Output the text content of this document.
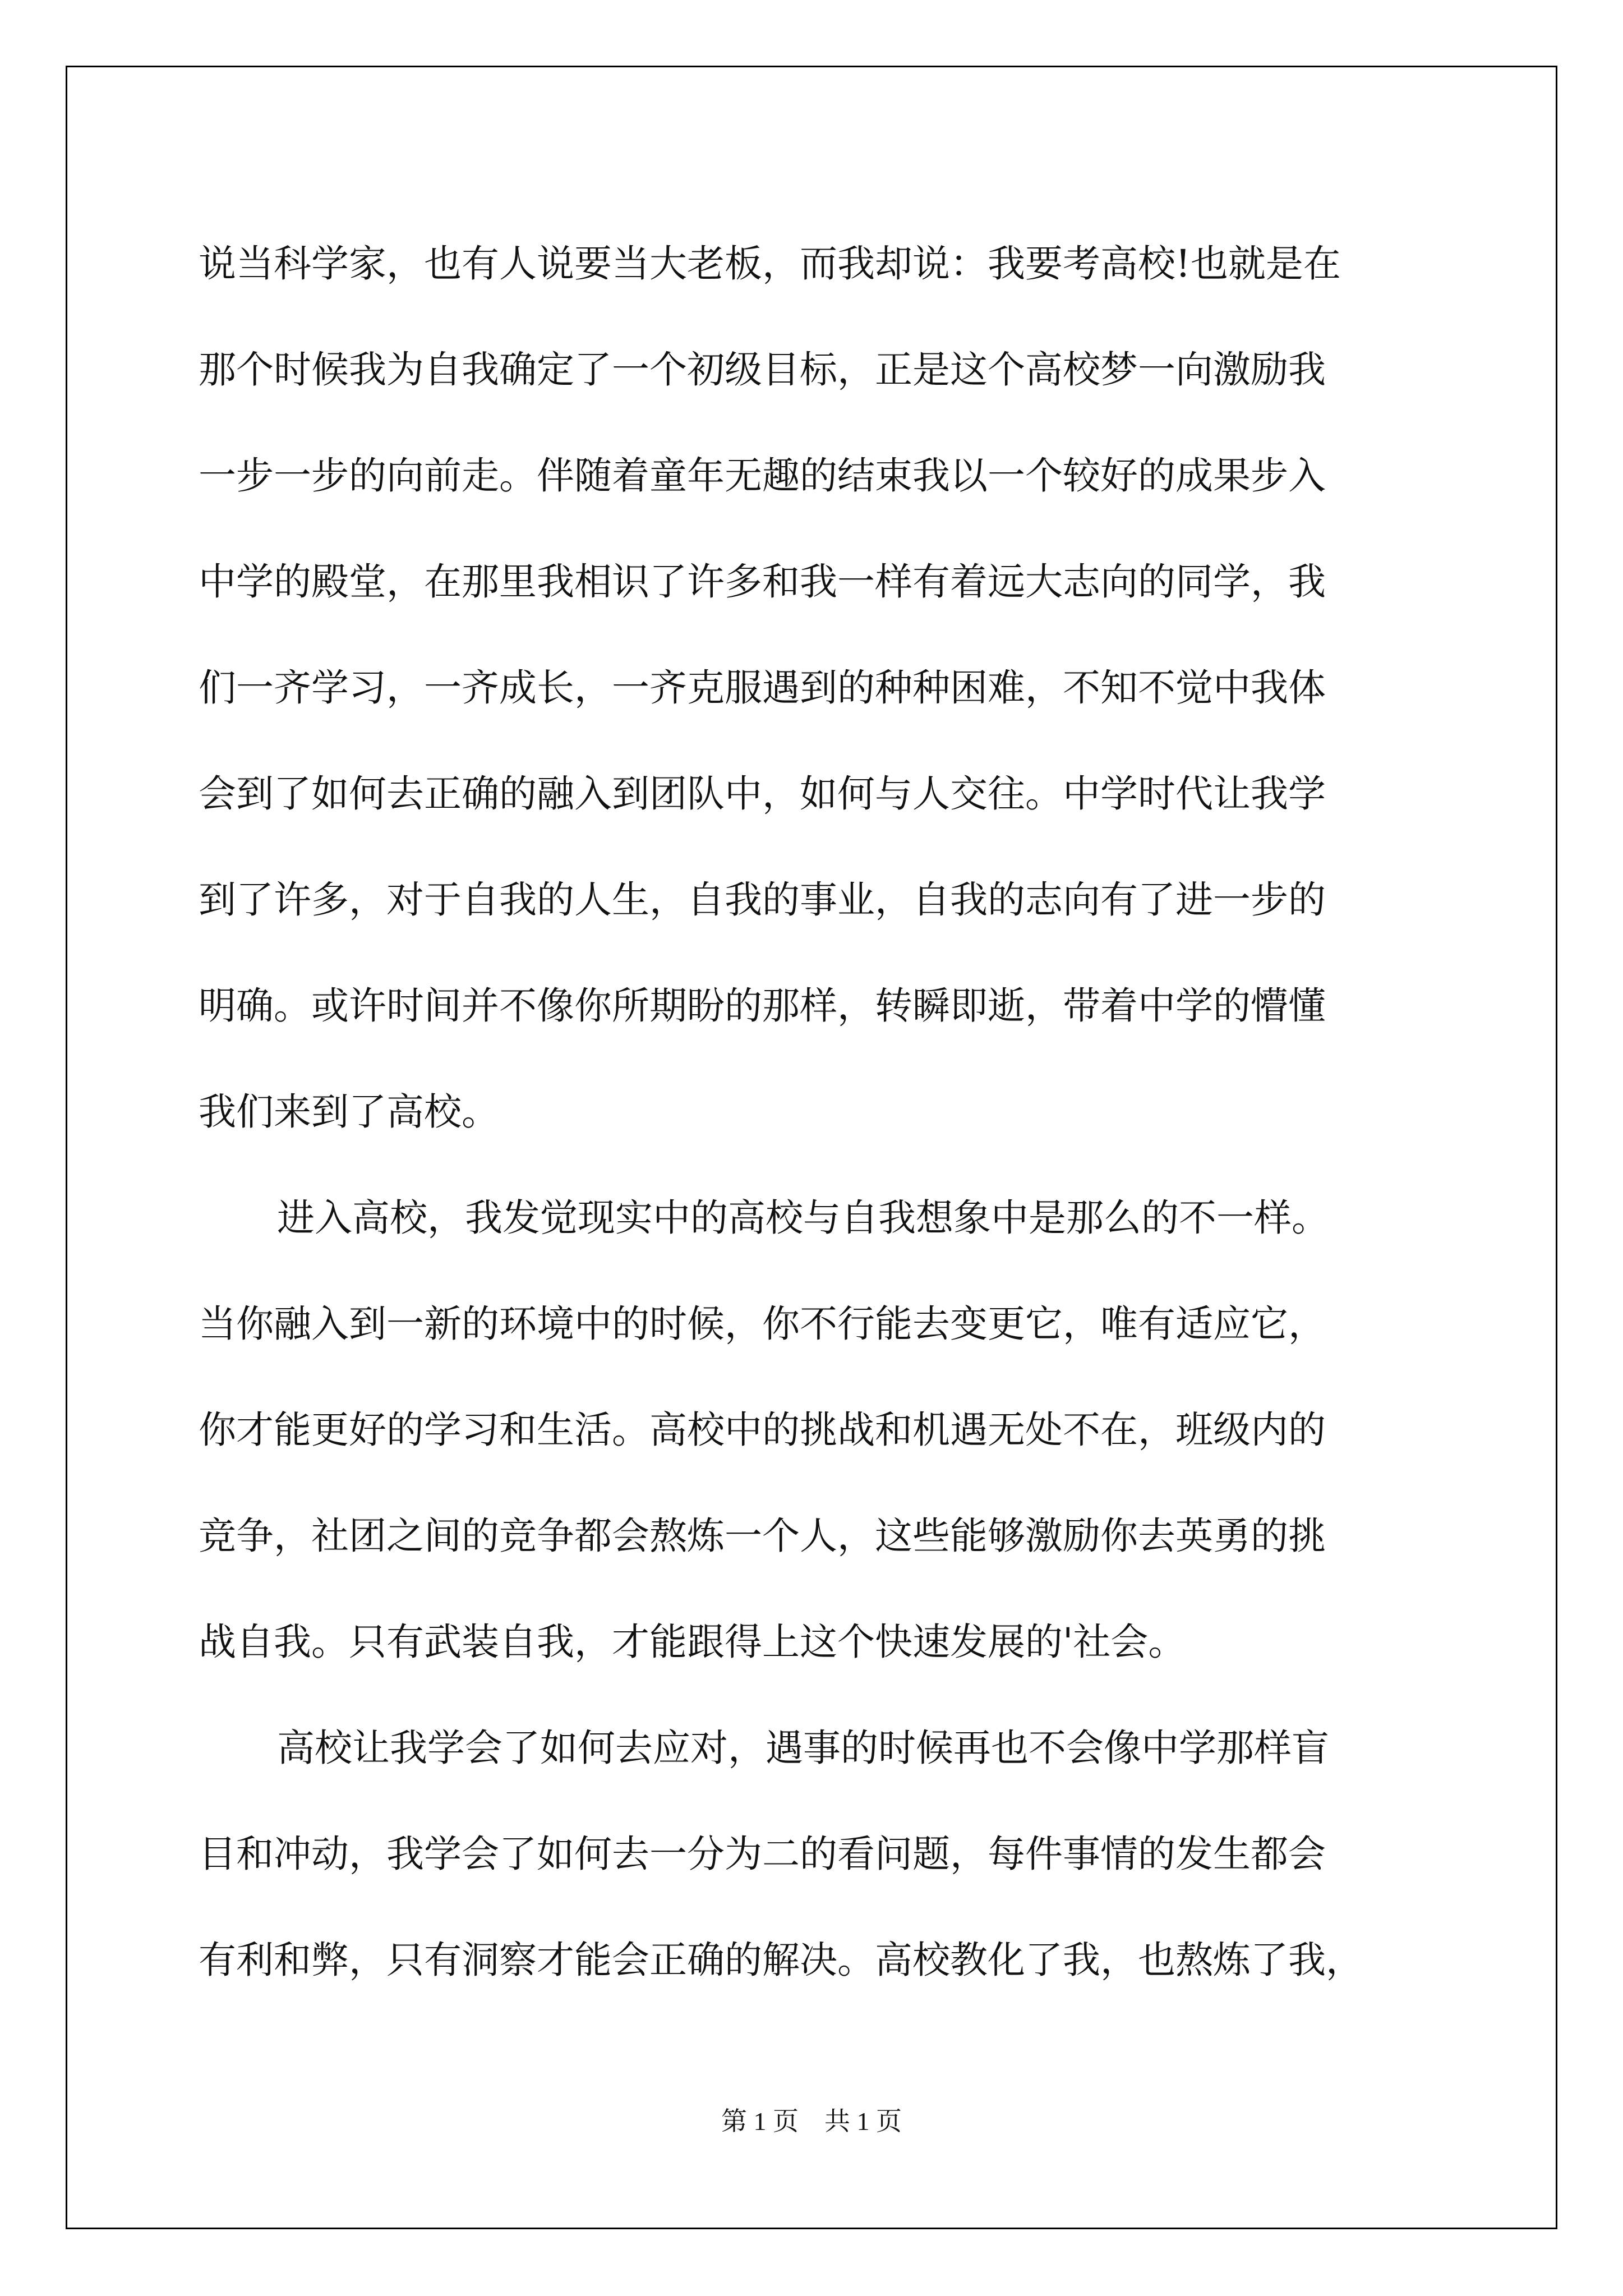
说当科学家，也有人说要当大老板，而我却说：我要考高校!也就是在
那个时候我为自我确定了一个初级目标，正是这个高校梦一向激励我
一步一步的向前走。伴随着童年无趣的结束我以一个较好的成果步入
中学的殿堂，在那里我相识了许多和我一样有着远大志向的同学，我
们一齐学习，一齐成长，一齐克服遇到的种种困难，不知不觉中我体
会到了如何去正确的融入到团队中，如何与人交往。中学时代让我学
到了许多，对于自我的人生，自我的事业，自我的志向有了进一步的
明确。或许时间并不像你所期盼的那样，转瞬即逝，带着中学的懵懂
我们来到了高校。
进入高校，我发觉现实中的高校与自我想象中是那么的不一样。
当你融入到一新的环境中的时候，你不行能去变更它，唯有适应它，
你才能更好的学习和生活。高校中的挑战和机遇无处不在，班级内的
竞争，社团之间的竞争都会熬炼一个人，这些能够激励你去英勇的挑
战自我。只有武装自我，才能跟得上这个快速发展的'社会。
高校让我学会了如何去应对，遇事的时候再也不会像中学那样盲
目和冲动，我学会了如何去一分为二的看问题，每件事情的发生都会
有利和弊，只有洞察才能会正确的解决。高校教化了我，也熬炼了我，
第 1 页    共 1 页
